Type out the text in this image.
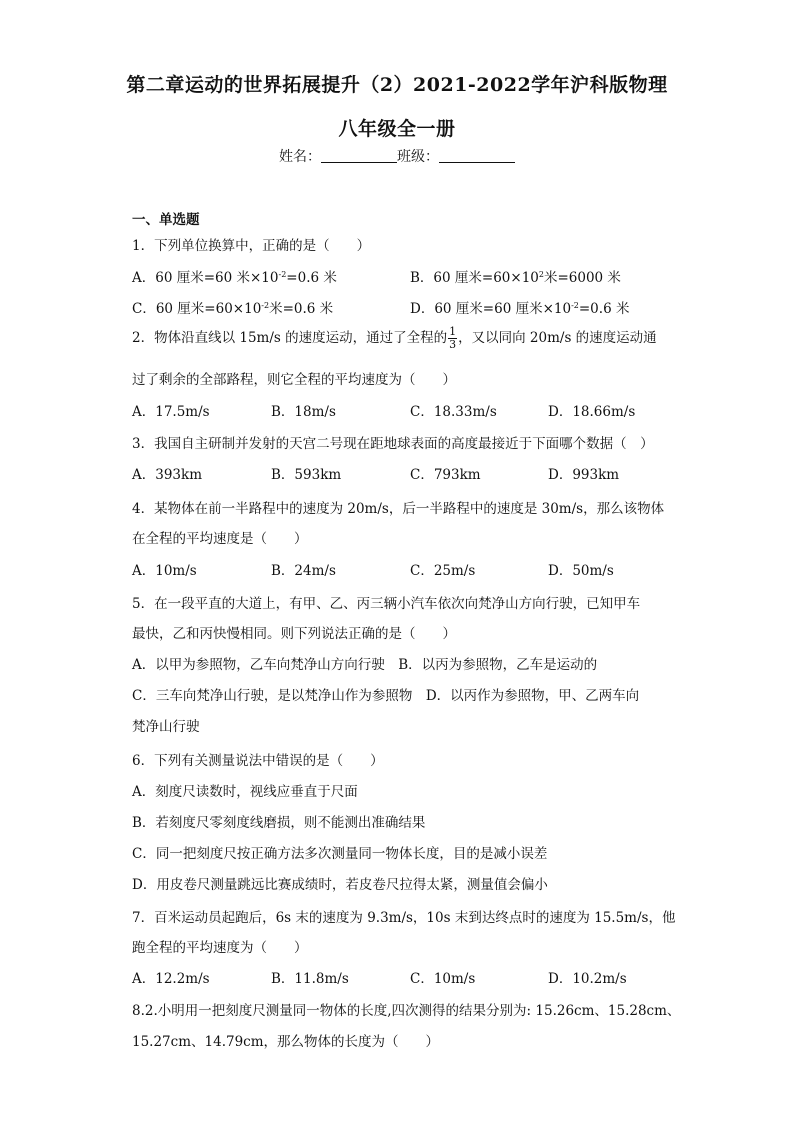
第二章运动的世界拓展提升（2）2021-2022学年沪科版物理
八年级全一册
姓名：	班级：
一、单选题
1．下列单位换算中，正确的是（　　）
A．60 厘米=60 米$\times 10^{-2}=0.6$ 米	B．60 厘米$=60\times 10^2$米=6000 米
C．60 厘米$=60\times 10^{-2}$米=0.6 米	D．60 厘米=60 厘米$\times 10^{-2}=0.6$ 米
2．物体沿直线以 15m/s 的速度运动，通过了全程的 $\frac{1}{3}$ ，又以同向 20m/s 的速度运动通
过了剩余的全部路程，则它全程的平均速度为（　　）
A．17.5m/s	B．18m/s	C．18.33m/s	D．18.66m/s
3．我国自主研制并发射的天宫二号现在距地球表面的高度最接近于下面哪个数据（　）
A．393km	B．593km	C．793km	D．993km
4．某物体在前一半路程中的速度为 20m/s，后一半路程中的速度是 30m/s，那么该物体
在全程的平均速度是（　　）
A．10m/s	B．24m/s	C．25m/s	D．50m/s
5．在一段平直的大道上，有甲、乙、丙三辆小汽车依次向梵净山方向行驶，已知甲车
最快，乙和丙快慢相同。则下列说法正确的是（　　）
A．以甲为参照物，乙车向梵净山方向行驶　B．以丙为参照物，乙车是运动的
C．三车向梵净山行驶，是以梵净山作为参照物　D．以丙作为参照物，甲、乙两车向
梵净山行驶
6．下列有关测量说法中错误的是（　　）
A．刻度尺读数时，视线应垂直于尺面
B．若刻度尺零刻度线磨损，则不能测出准确结果
C．同一把刻度尺按正确方法多次测量同一物体长度，目的是减小误差
D．用皮卷尺测量跳远比赛成绩时，若皮卷尺拉得太紧，测量值会偏小
7．百米运动员起跑后，6s 末的速度为 9.3m/s，10s 末到达终点时的速度为 15.5m/s，他
跑全程的平均速度为（　　）
A．12.2m/s	B．11.8m/s	C．10m/s	D．10.2m/s
8.2.小明用一把刻度尺测量同一物体的长度,四次测得的结果分别为: 15.26cm、15.28cm、
15.27cm、14.79cm，那么物体的长度为（　　）
